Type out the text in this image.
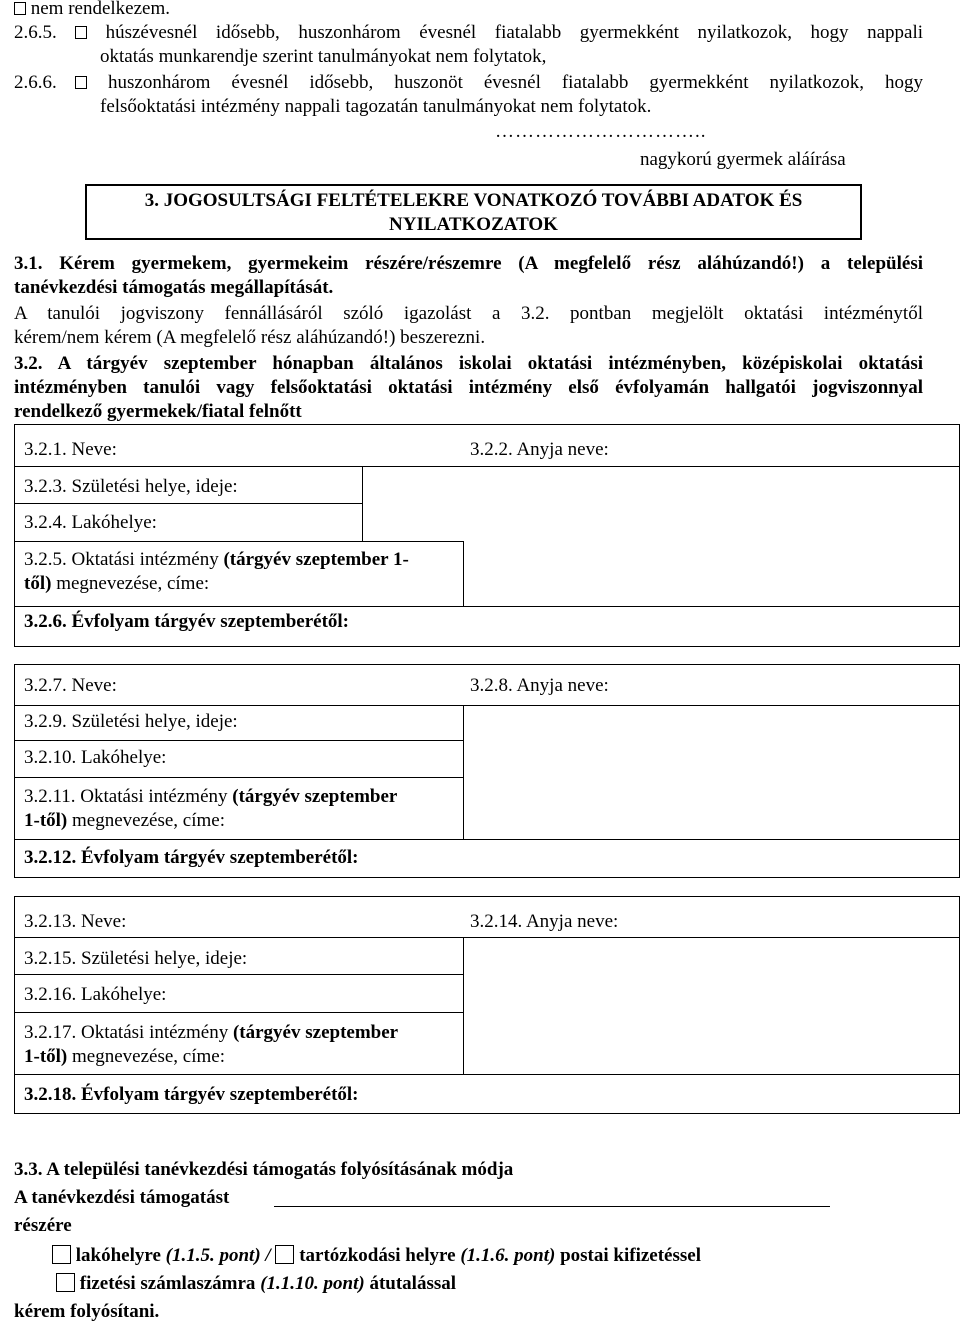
nem rendelkezem.
2.6.5.	húszévesnél idősebb, huszonhárom évesnél fiatalabb gyermekként nyilatkozok, hogy nappali
oktatás munkarendje szerint tanulmányokat nem folytatok,
2.6.6.	huszonhárom évesnél idősebb, huszonöt évesnél fiatalabb gyermekként nyilatkozok, hogy
felsőoktatási intézmény nappali tagozatán tanulmányokat nem folytatok.
…………………………..
nagykorú gyermek aláírása
3. JOGOSULTSÁGI FELTÉTELEKRE VONATKOZÓ TOVÁBBI ADATOK ÉS
NYILATKOZATOK
3.1. Kérem gyermekem, gyermekeim részére/részemre (A megfelelő rész aláhúzandó!) a települési
tanévkezdési támogatás megállapítását.
A tanulói jogviszony fennállásáról szóló igazolást a 3.2. pontban megjelölt oktatási intézménytől
kérem/nem kérem (A megfelelő rész aláhúzandó!) beszerezni.
3.2. A tárgyév szeptember hónapban általános iskolai oktatási intézményben, középiskolai oktatási
intézményben tanulói vagy felsőoktatási oktatási intézmény első évfolyamán hallgatói jogviszonnyal
rendelkező gyermekek/fiatal felnőtt
3.2.1. Neve:	3.2.2. Anyja neve:
3.2.3. Születési helye, ideje:
3.2.4. Lakóhelye:
3.2.5. Oktatási intézmény (tárgyév szeptember 1-
től) megnevezése, címe:
3.2.6. Évfolyam tárgyév szeptemberétől:
3.2.7. Neve:	3.2.8. Anyja neve:
3.2.9. Születési helye, ideje:
3.2.10. Lakóhelye:
3.2.11. Oktatási intézmény (tárgyév szeptember
1-től) megnevezése, címe:
3.2.12. Évfolyam tárgyév szeptemberétől:
3.2.13. Neve:	3.2.14. Anyja neve:
3.2.15. Születési helye, ideje:
3.2.16. Lakóhelye:
3.2.17. Oktatási intézmény (tárgyév szeptember
1-től) megnevezése, címe:
3.2.18. Évfolyam tárgyév szeptemberétől:
3.3. A települési tanévkezdési támogatás folyósításának módja
A tanévkezdési támogatást
részére
lakóhelyre (1.1.5. pont) /  tartózkodási helyre (1.1.6. pont) postai kifizetéssel
fizetési számlaszámra (1.1.10. pont) átutalással
kérem folyósítani.
